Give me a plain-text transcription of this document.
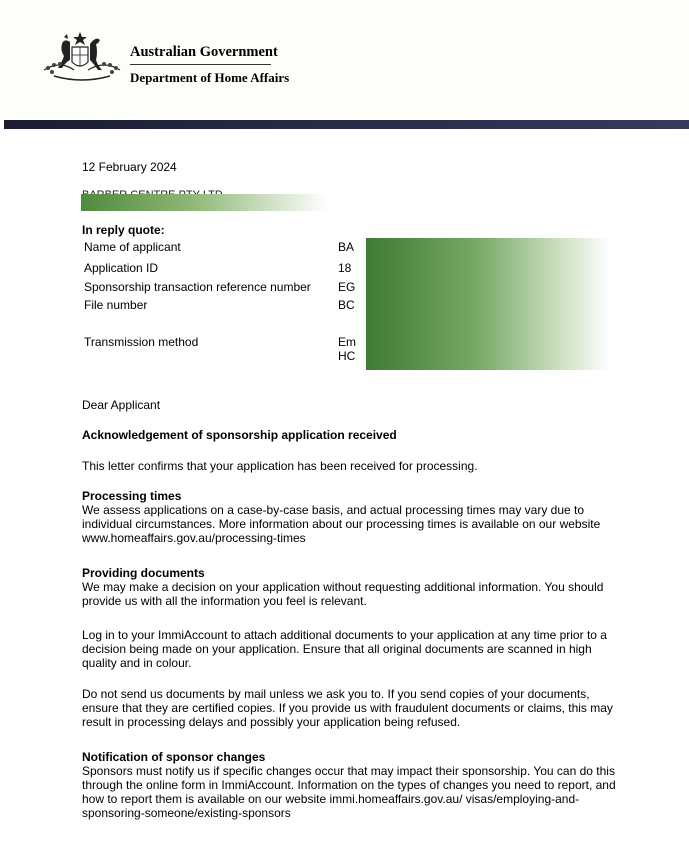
Australian Government
Department of Home Affairs
12 February 2024
In reply quote:
Name of applicant	BA
Application ID	18
Sponsorship transaction reference number EG
File number	BC
Transmission method	Em
HC
Dear Applicant
Acknowledgement of sponsorship application received
This letter confirms that your application has been received for processing.
Processing times
We assess applications on a case-by-case basis, and actual processing times may vary due to individual circumstances. More information about our processing times is available on our website www.homeaffairs.gov.au/processing-times
Providing documents
We may make a decision on your application without requesting additional information. You should provide us with all the information you feel is relevant.
Log in to your ImmiAccount to attach additional documents to your application at any time prior to a decision being made on your application. Ensure that all original documents are scanned in high quality and in colour.
Do not send us documents by mail unless we ask you to. If you send copies of your documents, ensure that they are certified copies. If you provide us with fraudulent documents or claims, this may result in processing delays and possibly your application being refused.
Notification of sponsor changes
Sponsors must notify us if specific changes occur that may impact their sponsorship. You can do this through the online form in ImmiAccount. Information on the types of changes you need to report, and how to report them is available on our website immi.homeaffairs.gov.au/ visas/employing-and-sponsoring-someone/existing-sponsors
